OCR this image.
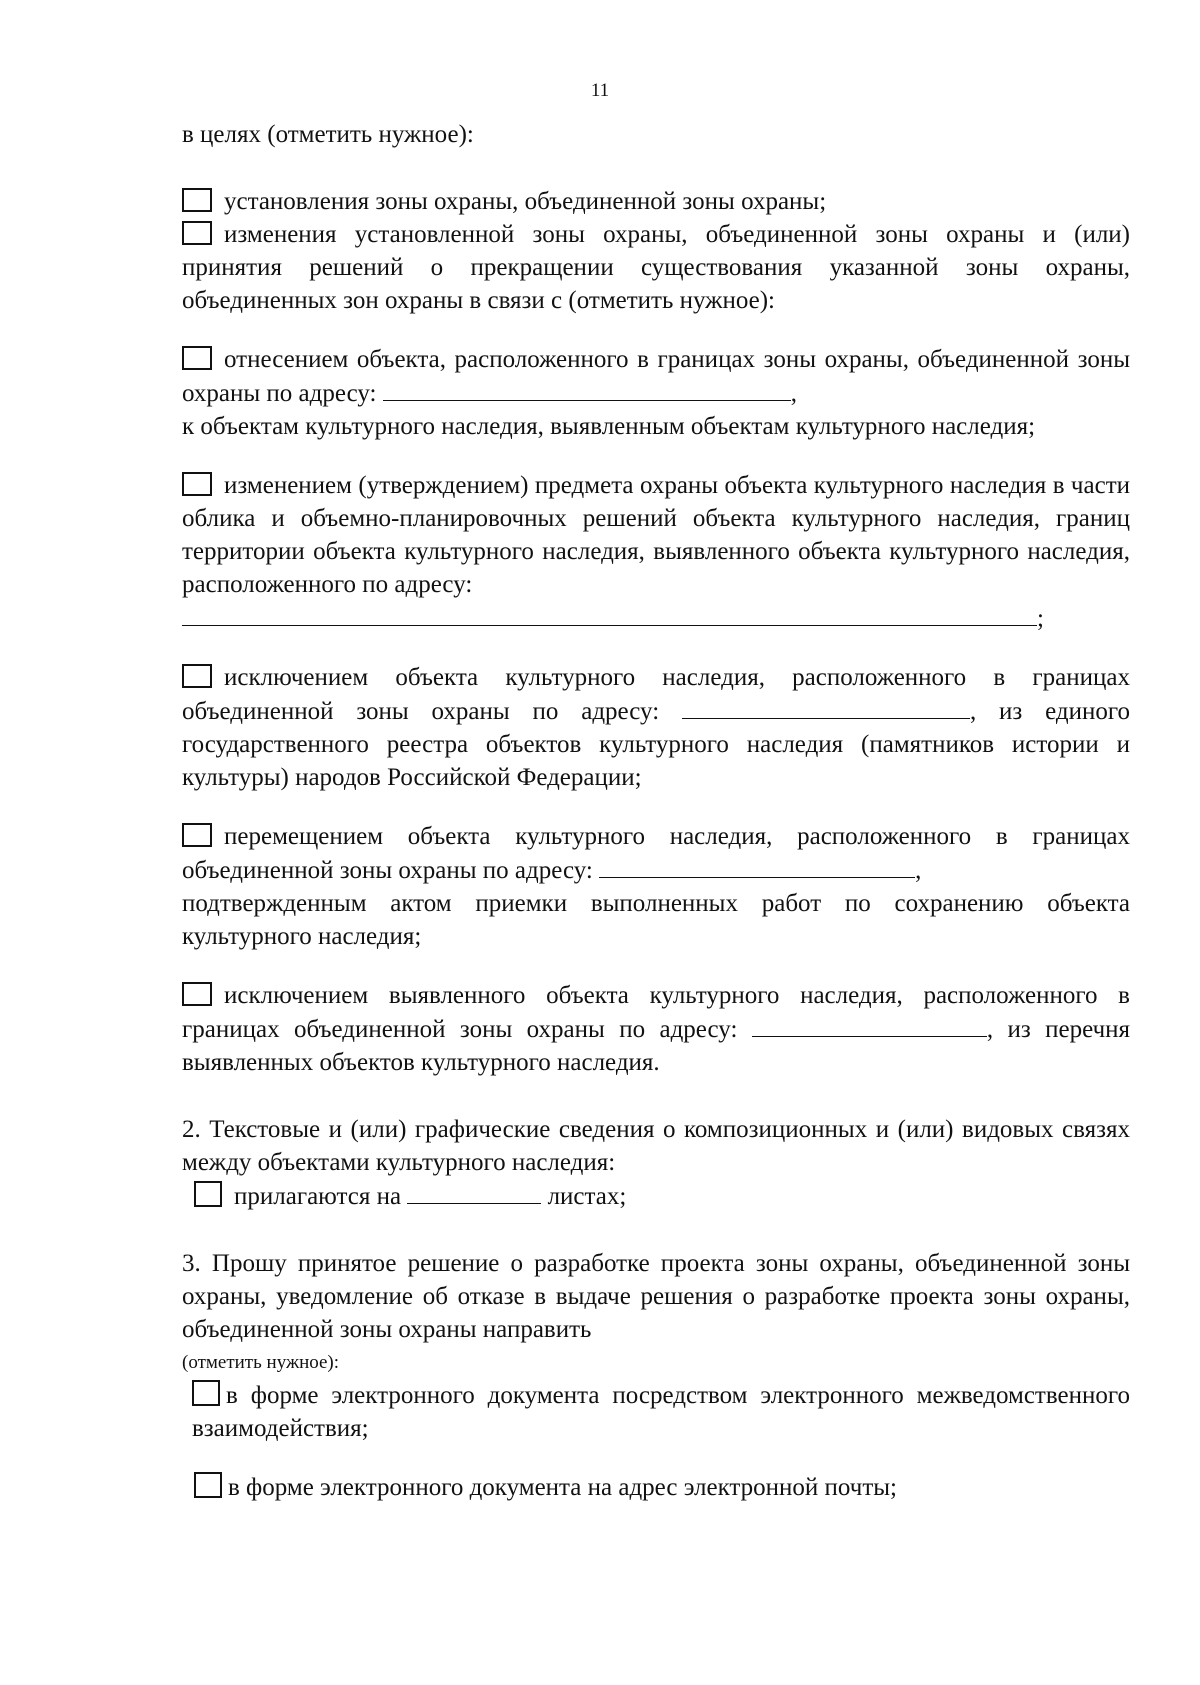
11

в целях (отметить нужное):

установления зоны охраны, объединенной зоны охраны;

изменения установленной зоны охраны, объединенной зоны охраны и (или) принятия решений о прекращении существования указанной зоны охраны, объединенных зон охраны в связи с (отметить нужное):

отнесением объекта, расположенного в границах зоны охраны, объединенной зоны охраны по адресу:	,
к объектам культурного наследия, выявленным объектам культурного наследия;

изменением (утверждением) предмета охраны объекта культурного наследия в части облика и объемно-планировочных решений объекта культурного наследия, границ территории объекта культурного наследия, выявленного объекта культурного наследия, расположенного по адресу:
;

исключением объекта культурного наследия, расположенного в границах объединенной зоны охраны по адресу:	, из единого государственного реестра объектов культурного наследия (памятников истории и культуры) народов Российской Федерации;

перемещением объекта культурного наследия, расположенного в границах объединенной зоны охраны по адресу:	,
подтвержденным актом приемки выполненных работ по сохранению объекта культурного наследия;

исключением выявленного объекта культурного наследия, расположенного в границах объединенной зоны охраны по адресу:	, из перечня выявленных объектов культурного наследия.

2. Текстовые и (или) графические сведения о композиционных и (или) видовых связях между объектами культурного наследия:

прилагаются на	листах;

3. Прошу принятое решение о разработке проекта зоны охраны, объединенной зоны охраны, уведомление об отказе в выдаче решения о разработке проекта зоны охраны, объединенной зоны охраны направить
(отметить нужное):

в форме электронного документа посредством электронного межведомственного взаимодействия;

в форме электронного документа на адрес электронной почты;
